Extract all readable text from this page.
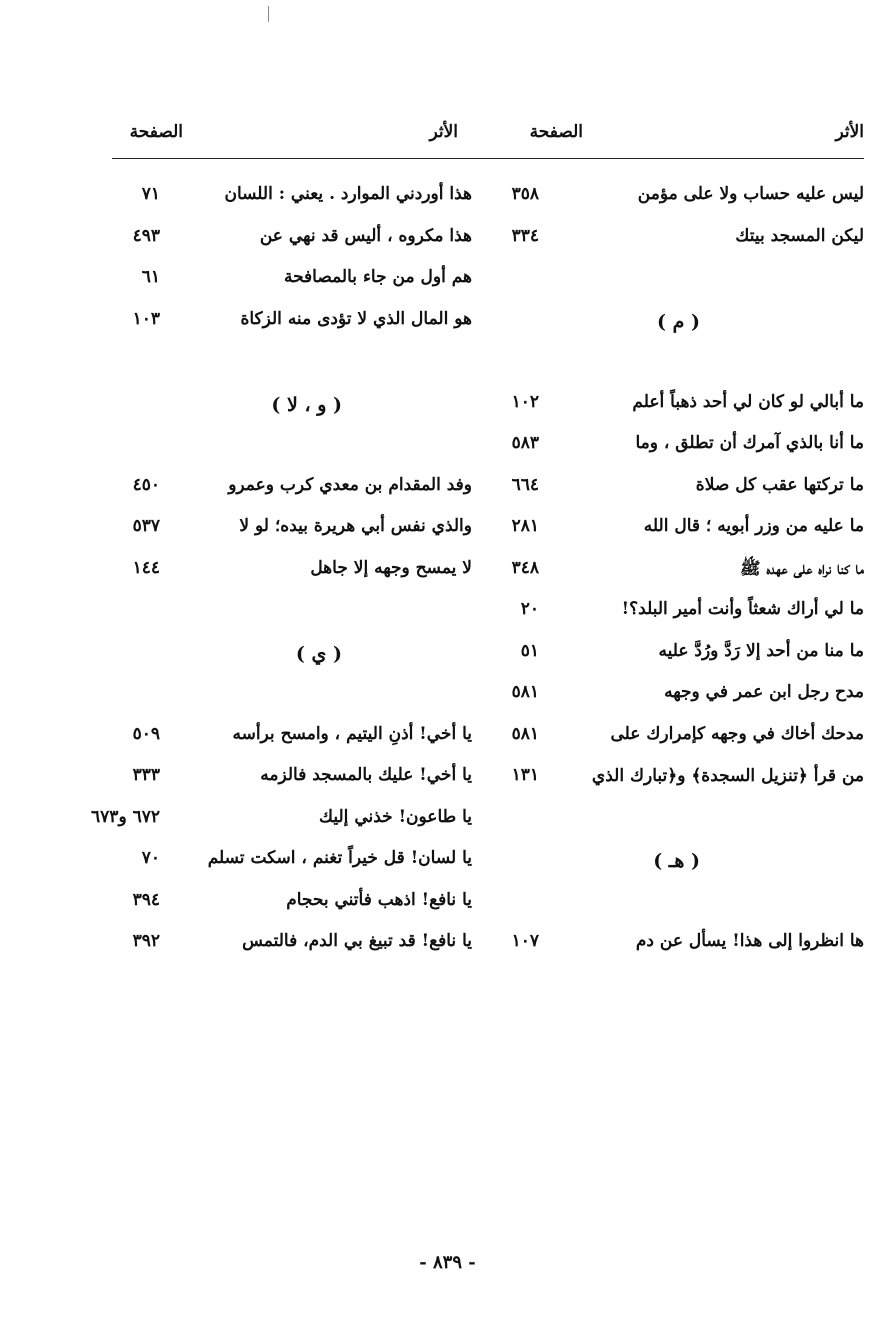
الأثر
الصفحة
الأثر
الصفحة
ليس عليه حساب ولا على مؤمن
٣٥٨
ليكن المسجد بيتك
٣٣٤
( م )
ما أبالي لو كان لي أحد ذهباً أعلم
١٠٢
ما أنا بالذي آمرك أن تطلق ، وما
٥٨٣
ما تركتها عقب كل صلاة
٦٦٤
ما عليه من وزر أبويه ؛ قال الله
٢٨١
ما كنا نراه على عهده ﷺ
٣٤٨
ما لي أراك شعثاً وأنت أمير البلد؟!
٢٠
ما منا من أحد إلا رَدَّ ورُدَّ عليه
٥١
مدح رجل ابن عمر في وجهه
٥٨١
مدحك أخاك في وجهه كإمرارك على
٥٨١
من قرأ ﴿تنزيل السجدة﴾ و﴿تبارك الذي
١٣١
( هـ )
ها انظروا إلى هذا! يسأل عن دم
١٠٧
هذا أوردني الموارد . يعني : اللسان
٧١
هذا مكروه ، أليس قد نهي عن
٤٩٣
هم أول من جاء بالمصافحة
٦١
هو المال الذي لا تؤدى منه الزكاة
١٠٣
( و ، لا )
وفد المقدام بن معدي كرب وعمرو
٤٥٠
والذي نفس أبي هريرة بيده؛ لو لا
٥٣٧
لا يمسح وجهه إلا جاهل
١٤٤
( ي )
يا أخي! أذنِ اليتيم ، وامسح برأسه
٥٠٩
يا أخي! عليك بالمسجد فالزمه
٣٣٣
يا طاعون! خذني إليك
٦٧٢ و٦٧٣
يا لسان! قل خيراً تغنم ، اسكت تسلم
٧٠
يا نافع! اذهب فأتني بحجام
٣٩٤
يا نافع! قد تبيغ بي الدم، فالتمس
٣٩٢
- ٨٣٩ -
